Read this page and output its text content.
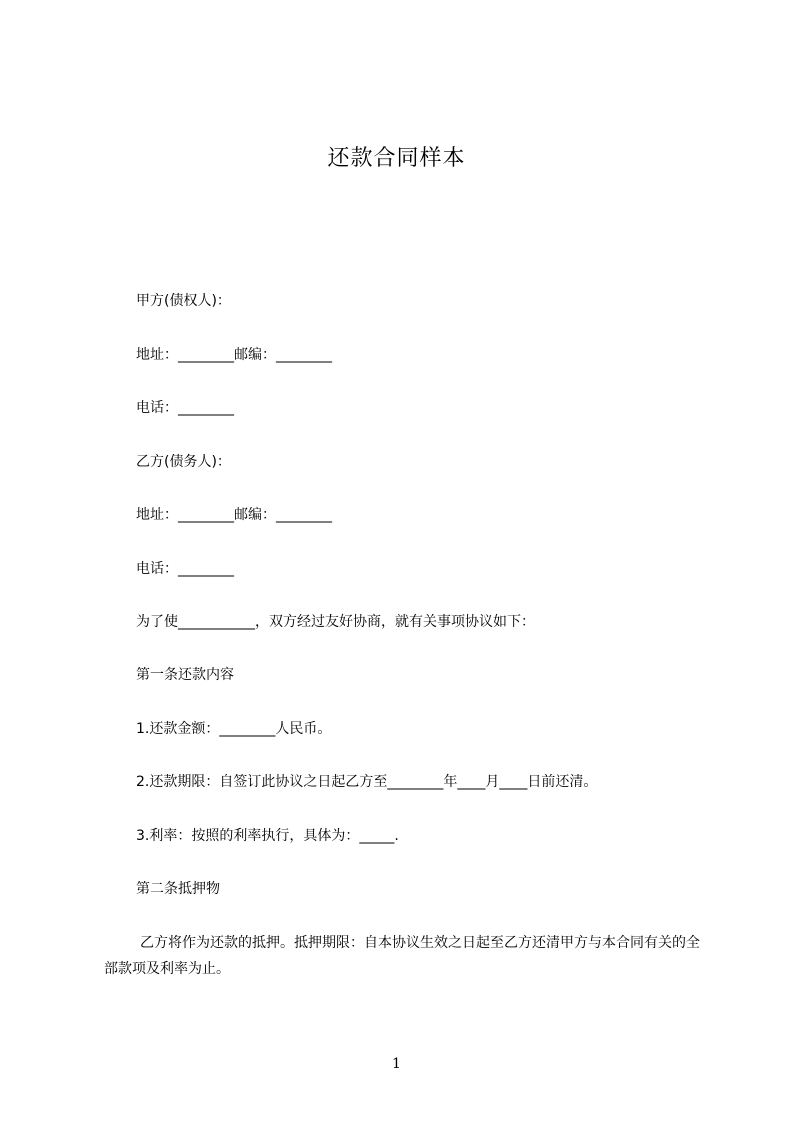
还款合同样本
甲方(债权人)：
地址：________邮编：________
电话：________
乙方(债务人)：
地址：________邮编：________
电话：________
为了使___________，双方经过友好协商，就有关事项协议如下：
第一条还款内容
1.还款金额：________人民币。
2.还款期限：自签订此协议之日起乙方至________年____月____日前还清。
3.利率：按照的利率执行，具体为：_____.
第二条抵押物
乙方将作为还款的抵押。抵押期限：自本协议生效之日起至乙方还清甲方与本合同有关的全部款项及利率为止。
1
